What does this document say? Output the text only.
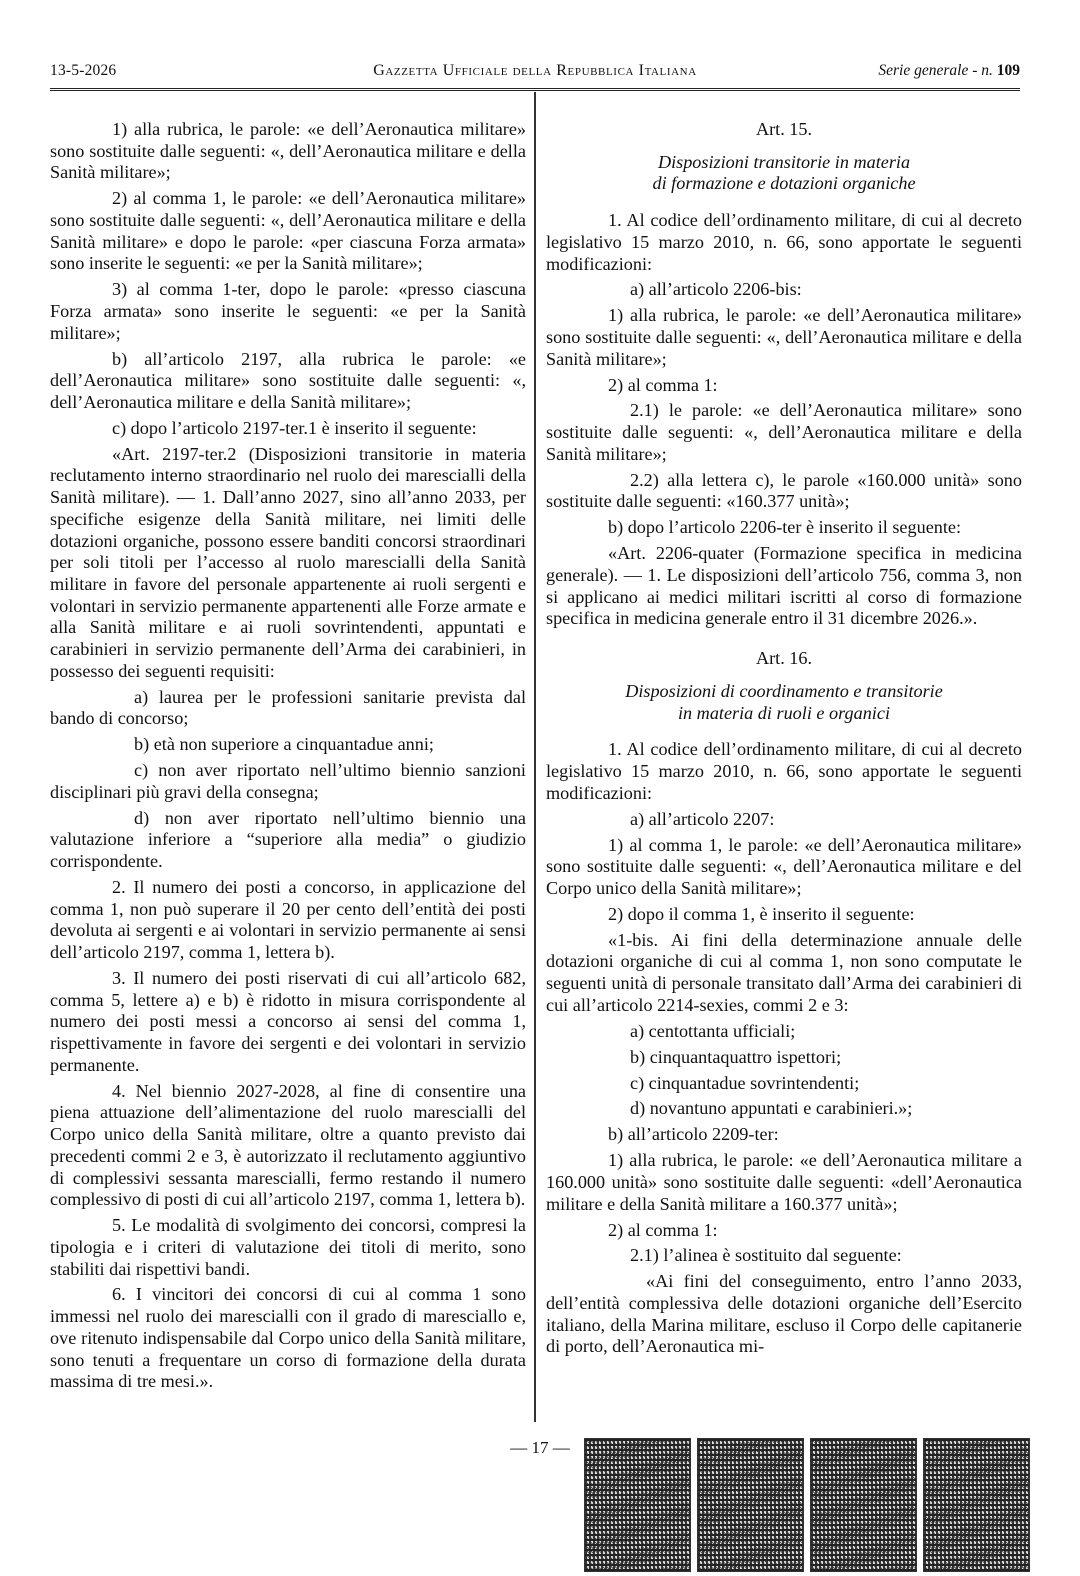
13-5-2026	Gazzetta Ufficiale della Repubblica Italiana	Serie generale - n. 109

1) alla rubrica, le parole: «e dell’Aeronautica militare» sono sostituite dalle seguenti: «, dell’Aeronautica militare e della Sanità militare»;

2) al comma 1, le parole: «e dell’Aeronautica militare» sono sostituite dalle seguenti: «, dell’Aeronautica militare e della Sanità militare» e dopo le parole: «per ciascuna Forza armata» sono inserite le seguenti: «e per la Sanità militare»;

3) al comma 1-ter, dopo le parole: «presso ciascuna Forza armata» sono inserite le seguenti: «e per la Sanità militare»;

b) all’articolo 2197, alla rubrica le parole: «e dell’Aeronautica militare» sono sostituite dalle seguenti: «, dell’Aeronautica militare e della Sanità militare»;

c) dopo l’articolo 2197-ter.1 è inserito il seguente:

«Art. 2197-ter.2 (Disposizioni transitorie in materia reclutamento interno straordinario nel ruolo dei marescialli della Sanità militare). — 1. Dall’anno 2027, sino all’anno 2033, per specifiche esigenze della Sanità militare, nei limiti delle dotazioni organiche, possono essere banditi concorsi straordinari per soli titoli per l’accesso al ruolo marescialli della Sanità militare in favore del personale appartenente ai ruoli sergenti e volontari in servizio permanente appartenenti alle Forze armate e alla Sanità militare e ai ruoli sovrintendenti, appuntati e carabinieri in servizio permanente dell’Arma dei carabinieri, in possesso dei seguenti requisiti:

a) laurea per le professioni sanitarie prevista dal bando di concorso;

b) età non superiore a cinquantadue anni;

c) non aver riportato nell’ultimo biennio sanzioni disciplinari più gravi della consegna;

d) non aver riportato nell’ultimo biennio una valutazione inferiore a “superiore alla media” o giudizio corrispondente.

2. Il numero dei posti a concorso, in applicazione del comma 1, non può superare il 20 per cento dell’entità dei posti devoluta ai sergenti e ai volontari in servizio permanente ai sensi dell’articolo 2197, comma 1, lettera b).

3. Il numero dei posti riservati di cui all’articolo 682, comma 5, lettere a) e b) è ridotto in misura corrispondente al numero dei posti messi a concorso ai sensi del comma 1, rispettivamente in favore dei sergenti e dei volontari in servizio permanente.

4. Nel biennio 2027-2028, al fine di consentire una piena attuazione dell’alimentazione del ruolo marescialli del Corpo unico della Sanità militare, oltre a quanto previsto dai precedenti commi 2 e 3, è autorizzato il reclutamento aggiuntivo di complessivi sessanta marescialli, fermo restando il numero complessivo di posti di cui all’articolo 2197, comma 1, lettera b).

5. Le modalità di svolgimento dei concorsi, compresi la tipologia e i criteri di valutazione dei titoli di merito, sono stabiliti dai rispettivi bandi.

6. I vincitori dei concorsi di cui al comma 1 sono immessi nel ruolo dei marescialli con il grado di maresciallo e, ove ritenuto indispensabile dal Corpo unico della Sanità militare, sono tenuti a frequentare un corso di formazione della durata massima di tre mesi.».

Art. 15.

Disposizioni transitorie in materia
di formazione e dotazioni organiche

1. Al codice dell’ordinamento militare, di cui al decreto legislativo 15 marzo 2010, n. 66, sono apportate le seguenti modificazioni:

a) all’articolo 2206-bis:

1) alla rubrica, le parole: «e dell’Aeronautica militare» sono sostituite dalle seguenti: «, dell’Aeronautica militare e della Sanità militare»;

2) al comma 1:

2.1) le parole: «e dell’Aeronautica militare» sono sostituite dalle seguenti: «, dell’Aeronautica militare e della Sanità militare»;

2.2) alla lettera c), le parole «160.000 unità» sono sostituite dalle seguenti: «160.377 unità»;

b) dopo l’articolo 2206-ter è inserito il seguente:

«Art. 2206-quater (Formazione specifica in medicina generale). — 1. Le disposizioni dell’articolo 756, comma 3, non si applicano ai medici militari iscritti al corso di formazione specifica in medicina generale entro il 31 dicembre 2026.».

Art. 16.

Disposizioni di coordinamento e transitorie
in materia di ruoli e organici

1. Al codice dell’ordinamento militare, di cui al decreto legislativo 15 marzo 2010, n. 66, sono apportate le seguenti modificazioni:

a) all’articolo 2207:

1) al comma 1, le parole: «e dell’Aeronautica militare» sono sostituite dalle seguenti: «, dell’Aeronautica militare e del Corpo unico della Sanità militare»;

2) dopo il comma 1, è inserito il seguente:

«1-bis. Ai fini della determinazione annuale delle dotazioni organiche di cui al comma 1, non sono computate le seguenti unità di personale transitato dall’Arma dei carabinieri di cui all’articolo 2214-sexies, commi 2 e 3:

a) centottanta ufficiali;

b) cinquantaquattro ispettori;

c) cinquantadue sovrintendenti;

d) novantuno appuntati e carabinieri.»;

b) all’articolo 2209-ter:

1) alla rubrica, le parole: «e dell’Aeronautica militare a 160.000 unità» sono sostituite dalle seguenti: «dell’Aeronautica militare e della Sanità militare a 160.377 unità»;

2) al comma 1:

2.1) l’alinea è sostituito dal seguente:

«Ai fini del conseguimento, entro l’anno 2033, dell’entità complessiva delle dotazioni organiche dell’Esercito italiano, della Marina militare, escluso il Corpo delle capitanerie di porto, dell’Aeronautica mi-

— 17 —
